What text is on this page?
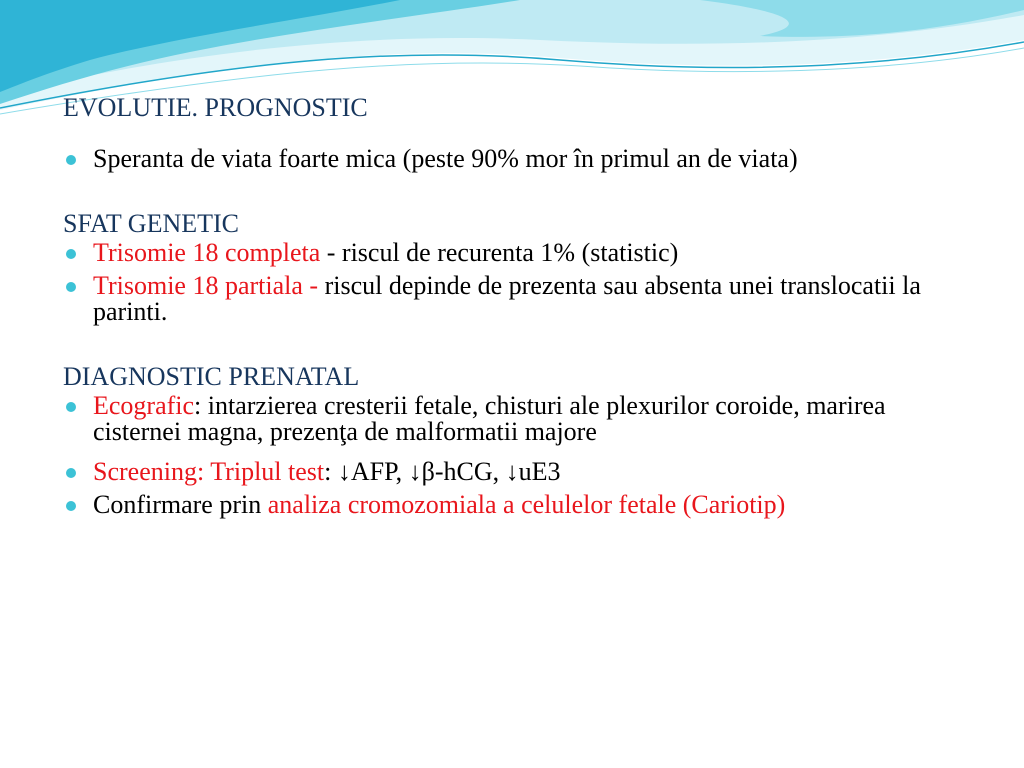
EVOLUTIE. PROGNOSTIC
Speranta de viata foarte mica (peste 90% mor în primul an de viata)
SFAT GENETIC
Trisomie 18 completa - riscul de recurenta 1% (statistic)
Trisomie 18 partiala - riscul depinde de prezenta sau absenta unei translocatii la parinti.
DIAGNOSTIC PRENATAL
Ecografic: intarzierea cresterii fetale, chisturi ale plexurilor coroide, marirea cisternei magna, prezenţa de malformatii majore
Screening: Triplul test: ↓AFP, ↓β-hCG, ↓uE3
Confirmare prin analiza cromozomiala a celulelor fetale (Cariotip)
